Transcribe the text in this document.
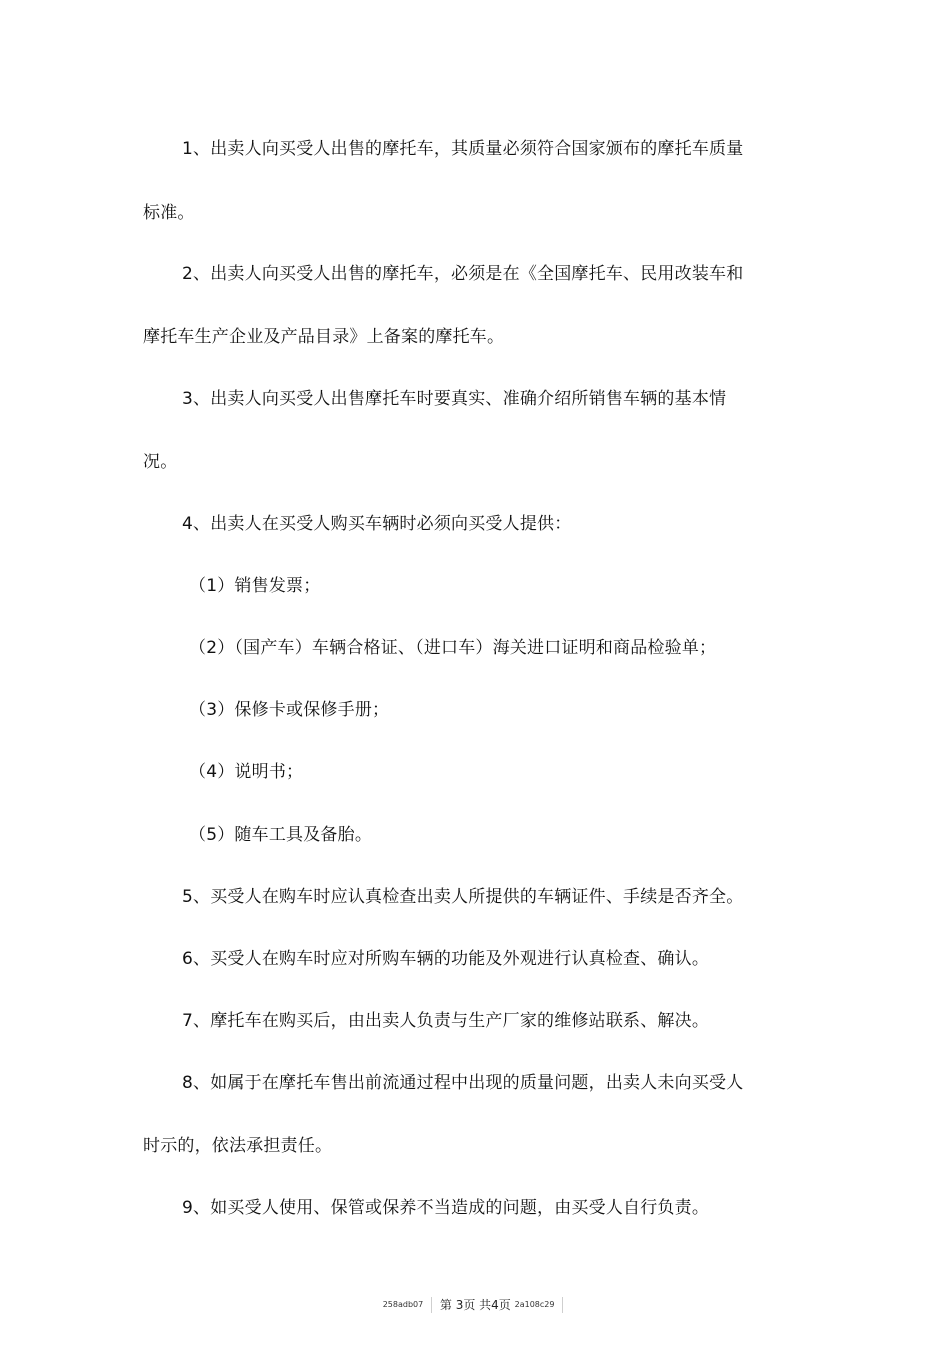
1、出卖人向买受人出售的摩托车，其质量必须符合国家颁布的摩托车质量
标准。
2、出卖人向买受人出售的摩托车，必须是在《全国摩托车、民用改装车和
摩托车生产企业及产品目录》上备案的摩托车。
3、出卖人向买受人出售摩托车时要真实、准确介绍所销售车辆的基本情
况。
4、出卖人在买受人购买车辆时必须向买受人提供：
（1）销售发票；
（2）（国产车）车辆合格证、（进口车）海关进口证明和商品检验单；
（3）保修卡或保修手册；
（4）说明书；
（5）随车工具及备胎。
5、买受人在购车时应认真检查出卖人所提供的车辆证件、手续是否齐全。
6、买受人在购车时应对所购车辆的功能及外观进行认真检查、确认。
7、摩托车在购买后，由出卖人负责与生产厂家的维修站联系、解决。
8、如属于在摩托车售出前流通过程中出现的质量问题，出卖人未向买受人
时示的，依法承担责任。
9、如买受人使用、保管或保养不当造成的问题，由买受人自行负责。
258adb07 第 3页 共4页 2a108c29
